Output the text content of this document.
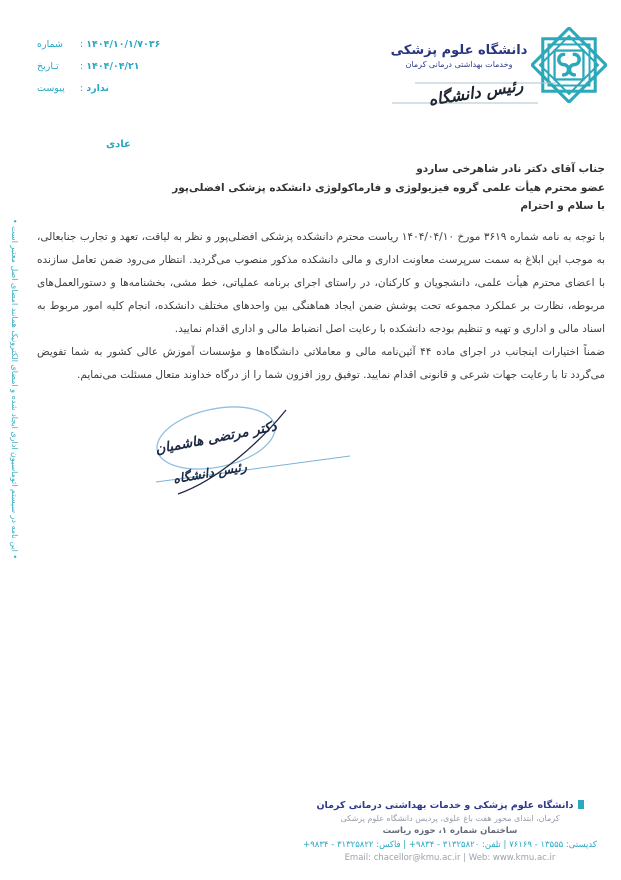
شماره : ۱۴۰۴/۱۰/۱/۷۰۳۶
تـاریخ : ۱۴۰۴/۰۴/۲۱
پیوست : ندارد
دانشگاه علوم پزشکی
وخدمات بهداشتی درمانی کرمان
رئیس دانشگاه
عادی
جناب آقای دکتر نادر شاهرخی ساردو
عضو محترم هیأت علمی گروه فیزیولوژی و فارماکولوژی دانشکده پزشکی افضلی‌پور
با سلام و احترام

با توجه به نامه شماره ۳۶۱۹ مورخ ۱۴۰۴/۰۴/۱۰ ریاست محترم دانشکده پزشکی افضلی‌پور و نظر به لیاقت، تعهد و تجارب جنابعالی، به موجب این ابلاغ به سمت سرپرست معاونت اداری و مالی دانشکده مذکور منصوب می‌گردید. انتظار می‌رود ضمن تعامل سازنده با اعضای محترم هیأت علمی، دانشجویان و کارکنان، در راستای اجرای برنامه عملیاتی، خط مشی، بخشنامه‌ها و دستورالعمل‌های مربوطه، نظارت بر عملکرد مجموعه تحت پوشش ضمن ایجاد هماهنگی بین واحدهای مختلف دانشکده، انجام کلیه امور مربوط به اسناد مالی و اداری و تهیه و تنظیم بودجه دانشکده با رعایت اصل انضباط مالی و اداری اقدام نمایید.

ضمناً اختیارات اینجانب در اجرای ماده ۴۴ آئین‌نامه مالی و معاملاتی دانشگاه‌ها و مؤسسات آموزش عالی کشور به شما تفویض می‌گردد تا با رعایت جهات شرعی و قانونی اقدام نمایید. توفیق روز افزون شما را از درگاه خداوند متعال مسئلت می‌نمایم.

دکتر مرتضی هاشمیان
رئیس دانشگاه
• این نامه در سیستم اتوماسیون اداری ایجاد شده و امضای الکترونیک همانند امضای اصل معتبر است •
دانشگاه علوم پزشکی و خدمات بهداشتی درمانی کرمان
کرمان، ابتدای محور هفت باغ علوی، پردیس دانشگاه علوم پزشکی
ساختمان شماره ۱، حوزه ریاست
کدپستی: ۱۳۵۵۵ - ۷۶۱۶۹ | تلفن: ۳۱۳۲۵۸۲۰ - ۹۸۳۴+ | فاکس: ۳۱۳۲۵۸۲۲ - ۹۸۳۴+
Email: chacellor@kmu.ac.ir | Web: www.kmu.ac.ir
